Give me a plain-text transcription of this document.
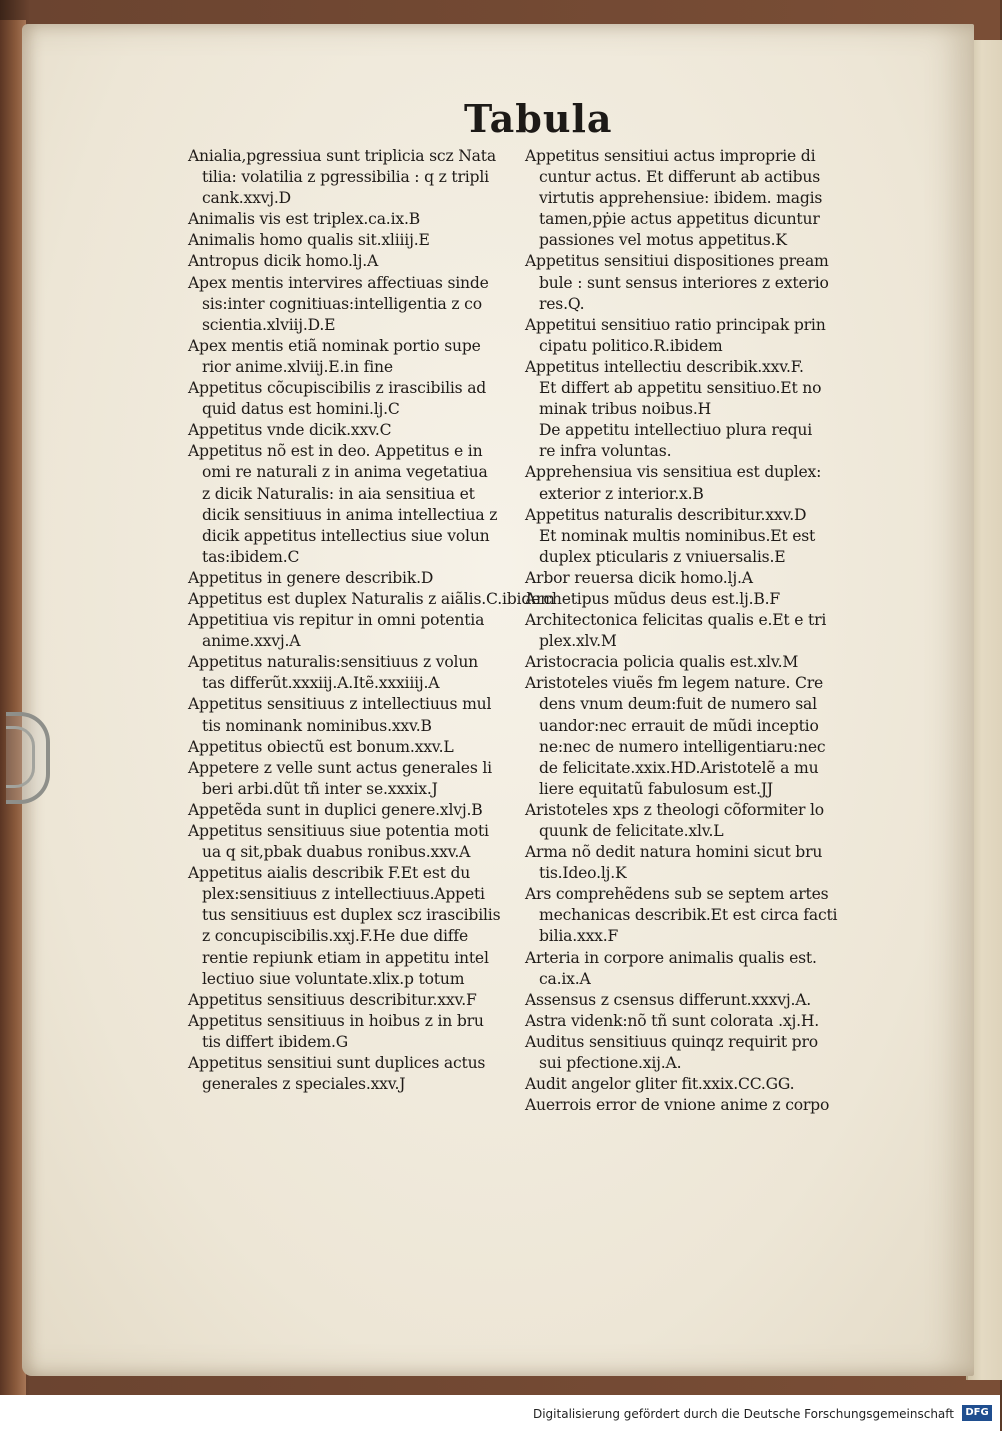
Tabula
Anialia,pgressiua sunt triplicia scz Nata
tilia: volatilia z pgressibilia : q z tripli
cank.xxvj.D
Animalis vis est triplex.ca.ix.B
Animalis homo qualis sit.xliiij.E
Antropus dicik homo.lj.A
Apex mentis intervires affectiuas sinde
sis:inter cognitiuas:intelligentia z co
scientia.xlviij.D.E
Apex mentis etiã nominak portio supe
rior anime.xlviij.E.in fine
Appetitus cõcupiscibilis z irascibilis ad
quid datus est homini.lj.C
Appetitus vnde dicik.xxv.C
Appetitus nõ est in deo. Appetitus e in
omi re naturali z in anima vegetatiua
z dicik Naturalis: in aia sensitiua et
dicik sensitiuus in anima intellectiua z
dicik appetitus intellectius siue volun
tas:ibidem.C
Appetitus in genere describik.D
Appetitus est duplex Naturalis z aiãlis.C.ibidem
Appetitiua vis repitur in omni potentia
anime.xxvj.A
Appetitus naturalis:sensitiuus z volun
tas differũt.xxxiij.A.Itẽ.xxxiiij.A
Appetitus sensitiuus z intellectiuus mul
tis nominank nominibus.xxv.B
Appetitus obiectũ est bonum.xxv.L
Appetere z velle sunt actus generales li
beri arbi.dũt tñ inter se.xxxix.J
Appetẽda sunt in duplici genere.xlvj.B
Appetitus sensitiuus siue potentia moti
ua q sit,pbak duabus ronibus.xxv.A
Appetitus aialis describik F.Et est du
plex:sensitiuus z intellectiuus.Appeti
tus sensitiuus est duplex scz irascibilis
z concupiscibilis.xxj.F.He due diffe
rentie repiunk etiam in appetitu intel
lectiuo siue voluntate.xlix.p totum
Appetitus sensitiuus describitur.xxv.F
Appetitus sensitiuus in hoibus z in bru
tis differt ibidem.G
Appetitus sensitiui sunt duplices actus
generales z speciales.xxv.J
Appetitus sensitiui actus improprie di
cuntur actus. Et differunt ab actibus
virtutis apprehensiue: ibidem. magis
tamen,pṗie actus appetitus dicuntur
passiones vel motus appetitus.K
Appetitus sensitiui dispositiones pream
bule : sunt sensus interiores z exterio
res.Q.
Appetitui sensitiuo ratio principak prin
cipatu politico.R.ibidem
Appetitus intellectiu describik.xxv.F.
Et differt ab appetitu sensitiuo.Et no
minak tribus noibus.H
De appetitu intellectiuo plura requi
re infra voluntas.
Apprehensiua vis sensitiua est duplex:
exterior z interior.x.B
Appetitus naturalis describitur.xxv.D
Et nominak multis nominibus.Et est
duplex pticularis z vniuersalis.E
Arbor reuersa dicik homo.lj.A
Archetipus mũdus deus est.lj.B.F
Architectonica felicitas qualis e.Et e tri
plex.xlv.M
Aristocracia policia qualis est.xlv.M
Aristoteles viuẽs fm legem nature. Cre
dens vnum deum:fuit de numero sal
uandor:nec errauit de mũdi inceptio
ne:nec de numero intelligentiaru:nec
de felicitate.xxix.HD.Aristotelẽ a mu
liere equitatũ fabulosum est.JJ
Aristoteles xps z theologi cõformiter lo
quunk de felicitate.xlv.L
Arma nõ dedit natura homini sicut bru
tis.Ideo.lj.K
Ars comprehẽdens sub se septem artes
mechanicas describik.Et est circa facti
bilia.xxx.F
Arteria in corpore animalis qualis est.
ca.ix.A
Assensus z csensus differunt.xxxvj.A.
Astra videnk:nõ tñ sunt colorata .xj.H.
Auditus sensitiuus quinqz requirit pro
sui pfectione.xij.A.
Audit angelor gliter fit.xxix.CC.GG.
Auerrois error de vnione anime z corpo
Digitalisierung gefördert durch die Deutsche Forschungsgemeinschaft	DFG
